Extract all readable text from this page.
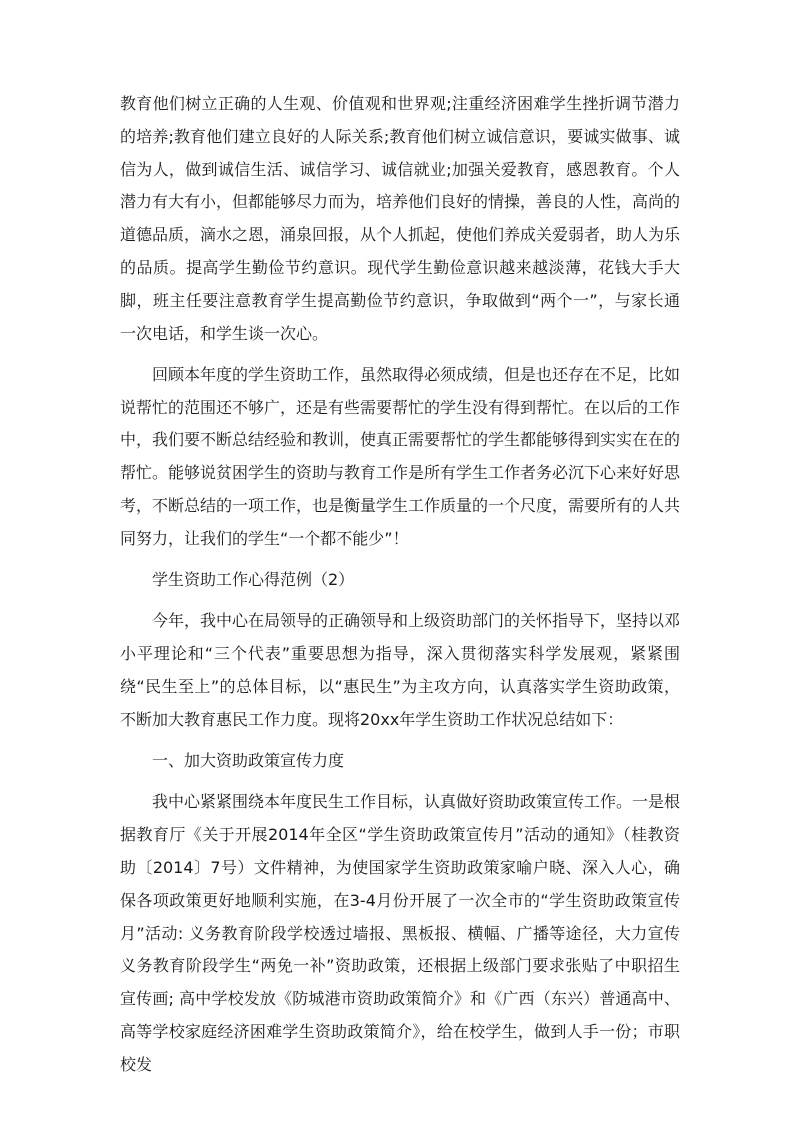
教育他们树立正确的人生观、价值观和世界观;注重经济困难学生挫折调节潜力的培养;教育他们建立良好的人际关系;教育他们树立诚信意识，要诚实做事、诚信为人，做到诚信生活、诚信学习、诚信就业;加强关爱教育，感恩教育。个人潜力有大有小，但都能够尽力而为，培养他们良好的情操，善良的人性，高尚的道德品质，滴水之恩，涌泉回报，从个人抓起，使他们养成关爱弱者，助人为乐的品质。提高学生勤俭节约意识。现代学生勤俭意识越来越淡薄，花钱大手大脚，班主任要注意教育学生提高勤俭节约意识，争取做到“两个一”，与家长通一次电话，和学生谈一次心。

回顾本年度的学生资助工作，虽然取得必须成绩，但是也还存在不足，比如说帮忙的范围还不够广，还是有些需要帮忙的学生没有得到帮忙。在以后的工作中，我们要不断总结经验和教训，使真正需要帮忙的学生都能够得到实实在在的帮忙。能够说贫困学生的资助与教育工作是所有学生工作者务必沉下心来好好思考，不断总结的一项工作，也是衡量学生工作质量的一个尺度，需要所有的人共同努力，让我们的学生“一个都不能少”！

学生资助工作心得范例（2）

今年，我中心在局领导的正确领导和上级资助部门的关怀指导下，坚持以邓小平理论和“三个代表”重要思想为指导，深入贯彻落实科学发展观，紧紧围绕“民生至上”的总体目标，以“惠民生”为主攻方向，认真落实学生资助政策，不断加大教育惠民工作力度。现将20xx年学生资助工作状况总结如下：

一、加大资助政策宣传力度

我中心紧紧围绕本年度民生工作目标，认真做好资助政策宣传工作。一是根据教育厅《关于开展2014年全区“学生资助政策宣传月”活动的通知》（桂教资助〔2014〕7号）文件精神，为使国家学生资助政策家喻户晓、深入人心，确保各项政策更好地顺利实施，在3-4月份开展了一次全市的“学生资助政策宣传月”活动: 义务教育阶段学校透过墙报、黑板报、横幅、广播等途径，大力宣传义务教育阶段学生“两免一补”资助政策，还根据上级部门要求张贴了中职招生宣传画; 高中学校发放《防城港市资助政策简介》和《广西（东兴）普通高中、高等学校家庭经济困难学生资助政策简介》，给在校学生，做到人手一份；市职校发
